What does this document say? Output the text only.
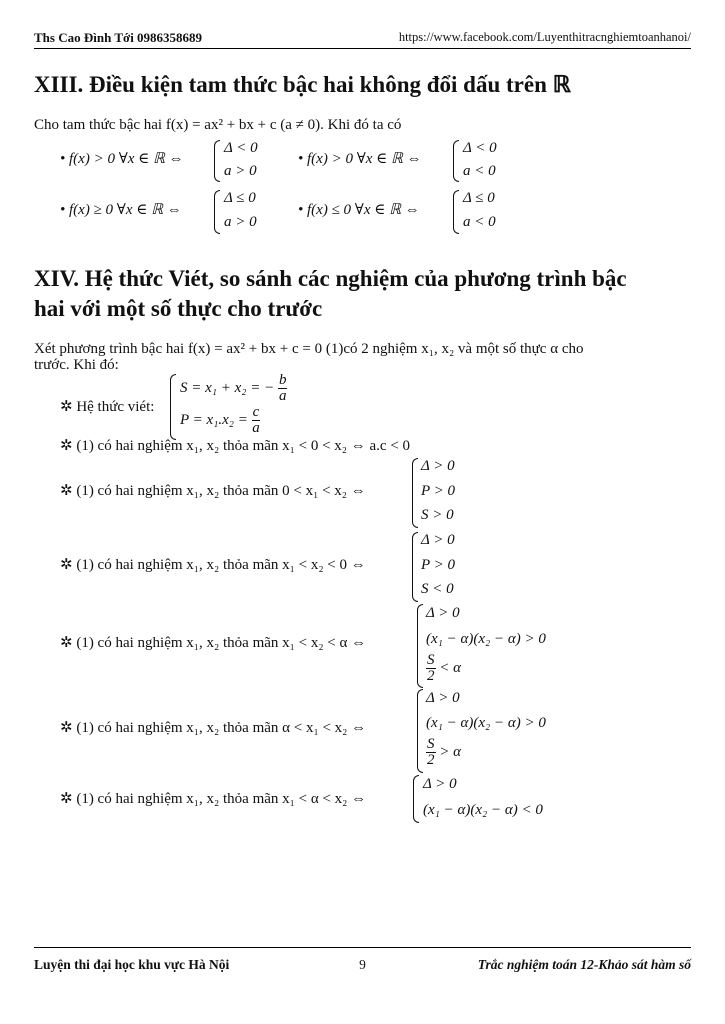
Ths Cao Đình Tới 0986358689	https://www.facebook.com/Luyenthitracnghiemtoanhanoi/
XIII. Điều kiện tam thức bậc hai không đổi dấu trên ℝ
Cho tam thức bậc hai f(x) = ax² + bx + c (a ≠ 0). Khi đó ta có
• f(x) > 0 ∀x ∈ ℝ ⇔
Δ < 0
a > 0
• f(x) > 0 ∀x ∈ ℝ ⇔
Δ < 0
a < 0
• f(x) ≥ 0 ∀x ∈ ℝ ⇔
Δ ≤ 0
a > 0
• f(x) ≤ 0 ∀x ∈ ℝ ⇔
Δ ≤ 0
a < 0
XIV. Hệ thức Viét, so sánh các nghiệm của phương trình bậc
hai với một số thực cho trước
Xét phương trình bậc hai f(x) = ax² + bx + c = 0 (1)có 2 nghiệm x₁, x₂ và một số thực α cho
trước. Khi đó:
✲ Hệ thức viét:
S = x₁ + x₂ = − $\frac{b}{a}$
$P = x_1.x_2 = \frac{c}{a}$
✲ (1) có hai nghiệm x₁, x₂ thỏa mãn x₁ < 0 < x₂ ⇔ a.c < 0
✲ (1) có hai nghiệm x₁, x₂ thỏa mãn 0 < x₁ < x₂ ⇔
Δ > 0
P > 0
S > 0
✲ (1) có hai nghiệm x₁, x₂ thỏa mãn x₁ < x₂ < 0 ⇔
Δ > 0
P > 0
S < 0
✲ (1) có hai nghiệm x₁, x₂ thỏa mãn x₁ < x₂ < α ⇔
Δ > 0
(x₁ − α)(x₂ − α) > 0
$\frac{S}{2} < \alpha$
✲ (1) có hai nghiệm x₁, x₂ thỏa mãn α < x₁ < x₂ ⇔
Δ > 0
(x₁ − α)(x₂ − α) > 0
$\frac{S}{2} > \alpha$
✲ (1) có hai nghiệm x₁, x₂ thỏa mãn x₁ < α < x₂ ⇔
Δ > 0
(x₁ − α)(x₂ − α) < 0
Luyện thi đại học khu vực Hà Nội	9	Trắc nghiệm toán 12-Khảo sát hàm số
